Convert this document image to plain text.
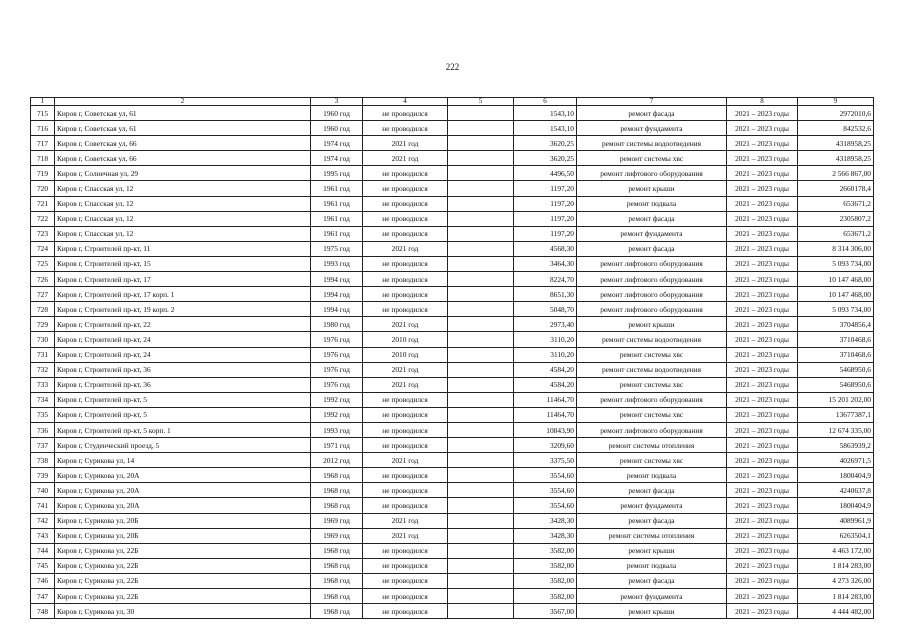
222
1	2	3	4	5	6	7	8	9
715	Киров г, Советская ул, 61	1960 год	не проводился		1543,10	ремонт фасада	2021 – 2023 годы	2972010,6
716	Киров г, Советская ул, 61	1960 год	не проводился		1543,10	ремонт фундамента	2021 – 2023 годы	842532,6
717	Киров г, Советская ул, 66	1974 год	2021 год		3620,25	ремонт системы водоотведения	2021 – 2023 годы	4318958,25
718	Киров г, Советская ул, 66	1974 год	2021 год		3620,25	ремонт системы хвс	2021 – 2023 годы	4318958,25
719	Киров г, Солнечная ул, 29	1995 год	не проводился		4496,50	ремонт лифтового оборудования	2021 – 2023 годы	2 566 867,00
720	Киров г, Спасская ул, 12	1961 год	не проводился		1197,20	ремонт крыши	2021 – 2023 годы	2660178,4
721	Киров г, Спасская ул, 12	1961 год	не проводился		1197,20	ремонт подвала	2021 – 2023 годы	653671,2
722	Киров г, Спасская ул, 12	1961 год	не проводился		1197,20	ремонт фасада	2021 – 2023 годы	2305807,2
723	Киров г, Спасская ул, 12	1961 год	не проводился		1197,20	ремонт фундамента	2021 – 2023 годы	653671,2
724	Киров г, Строителей пр-кт, 11	1975 год	2021 год		4568,30	ремонт фасада	2021 – 2023 годы	8 314 306,00
725	Киров г, Строителей пр-кт, 15	1993 год	не проводился		3464,30	ремонт лифтового оборудования	2021 – 2023 годы	5 093 734,00
726	Киров г, Строителей пр-кт, 17	1994 год	не проводился		8224,70	ремонт лифтового оборудования	2021 – 2023 годы	10 147 468,00
727	Киров г, Строителей пр-кт, 17 корп. 1	1994 год	не проводился		8651,30	ремонт лифтового оборудования	2021 – 2023 годы	10 147 468,00
728	Киров г, Строителей пр-кт, 19 корп. 2	1994 год	не проводился		5048,70	ремонт лифтового оборудования	2021 – 2023 годы	5 093 734,00
729	Киров г, Строителей пр-кт, 22	1980 год	2021 год		2973,40	ремонт крыши	2021 – 2023 годы	3704856,4
730	Киров г, Строителей пр-кт, 24	1976 год	2010 год		3110,20	ремонт системы водоотведения	2021 – 2023 годы	3710468,6
731	Киров г, Строителей пр-кт, 24	1976 год	2010 год		3110,20	ремонт системы хвс	2021 – 2023 годы	3710468,6
732	Киров г, Строителей пр-кт, 36	1976 год	2021 год		4584,20	ремонт системы водоотведения	2021 – 2023 годы	5468950,6
733	Киров г, Строителей пр-кт, 36	1976 год	2021 год		4584,20	ремонт системы хвс	2021 – 2023 годы	5468950,6
734	Киров г, Строителей пр-кт, 5	1992 год	не проводился		11464,70	ремонт лифтового оборудования	2021 – 2023 годы	15 201 202,00
735	Киров г, Строителей пр-кт, 5	1992 год	не проводился		11464,70	ремонт системы хвс	2021 – 2023 годы	13677387,1
736	Киров г, Строителей пр-кт, 5 корп. 1	1993 год	не проводился		10843,90	ремонт лифтового оборудования	2021 – 2023 годы	12 674 335,00
737	Киров г, Студенческий проезд, 5	1971 год	не проводился		3209,60	ремонт системы отопления	2021 – 2023 годы	5863939,2
738	Киров г, Сурикова ул, 14	2012 год	2021 год		3375,50	ремонт системы хвс	2021 – 2023 годы	4026971,5
739	Киров г, Сурикова ул, 20А	1968 год	не проводился		3554,60	ремонт подвала	2021 – 2023 годы	1800404,9
740	Киров г, Сурикова ул, 20А	1968 год	не проводился		3554,60	ремонт фасада	2021 – 2023 годы	4240637,8
741	Киров г, Сурикова ул, 20А	1968 год	не проводился		3554,60	ремонт фундамента	2021 – 2023 годы	1800404,9
742	Киров г, Сурикова ул, 20Б	1969 год	2021 год		3428,30	ремонт фасада	2021 – 2023 годы	4089961,9
743	Киров г, Сурикова ул, 20Б	1969 год	2021 год		3428,30	ремонт системы отопления	2021 – 2023 годы	6263504,1
744	Киров г, Сурикова ул, 22Б	1968 год	не проводился		3582,00	ремонт крыши	2021 – 2023 годы	4 463 172,00
745	Киров г, Сурикова ул, 22Б	1968 год	не проводился		3582,00	ремонт подвала	2021 – 2023 годы	1 814 283,00
746	Киров г, Сурикова ул, 22Б	1968 год	не проводился		3582,00	ремонт фасада	2021 – 2023 годы	4 273 326,00
747	Киров г, Сурикова ул, 22Б	1968 год	не проводился		3582,00	ремонт фундамента	2021 – 2023 годы	1 814 283,00
748	Киров г, Сурикова ул, 30	1968 год	не проводился		3567,00	ремонт крыши	2021 – 2023 годы	4 444 482,00
